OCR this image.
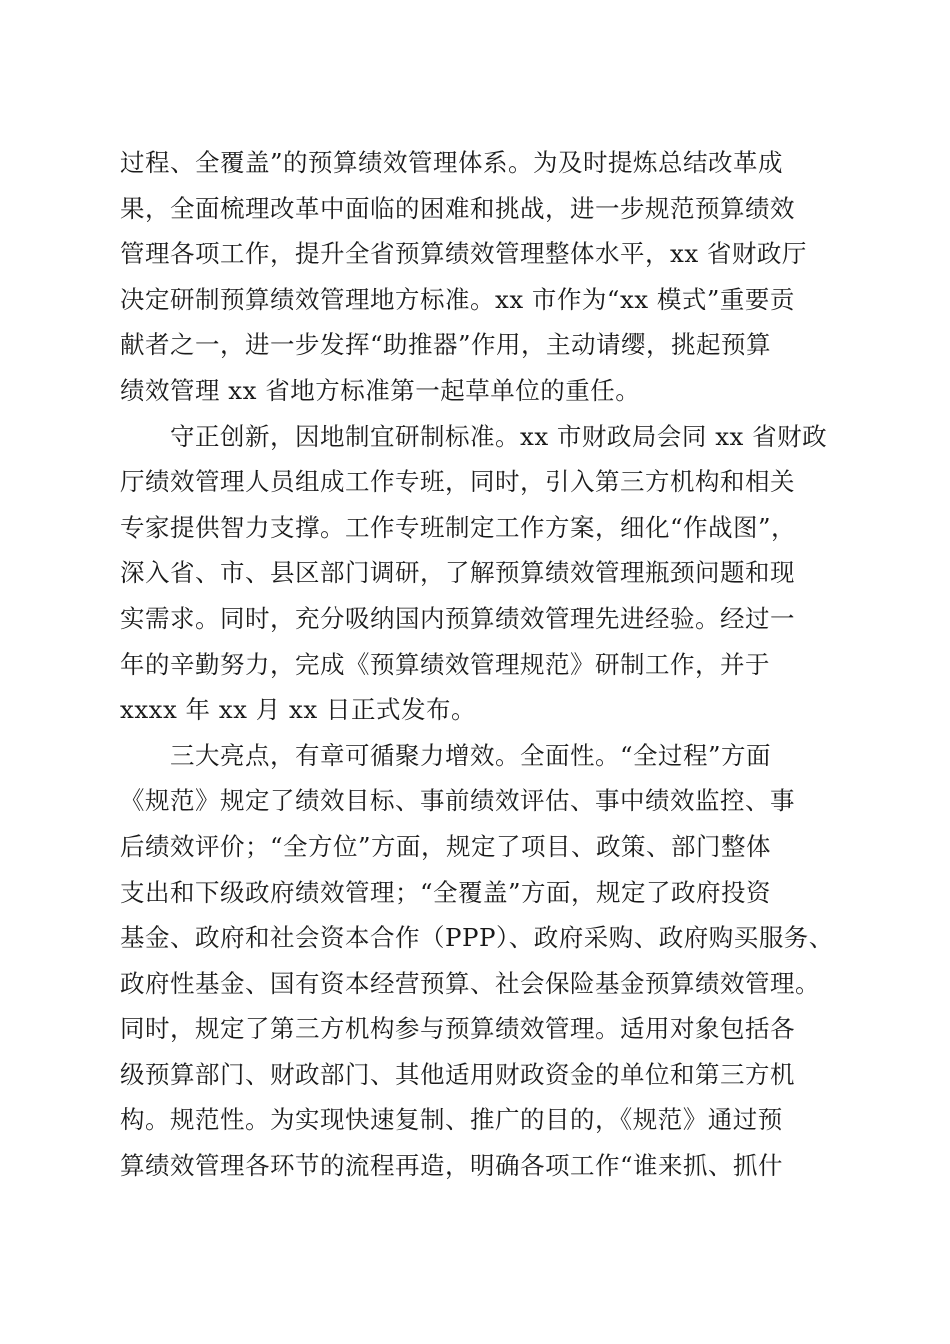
过程、全覆盖”的预算绩效管理体系。为及时提炼总结改革成
果，全面梳理改革中面临的困难和挑战，进一步规范预算绩效
管理各项工作，提升全省预算绩效管理整体水平，xx 省财政厅
决定研制预算绩效管理地方标准。xx 市作为“xx 模式”重要贡
献者之一，进一步发挥“助推器”作用，主动请缨，挑起预算
绩效管理 xx 省地方标准第一起草单位的重任。
守正创新，因地制宜研制标准。xx 市财政局会同 xx 省财政
厅绩效管理人员组成工作专班，同时，引入第三方机构和相关
专家提供智力支撑。工作专班制定工作方案，细化“作战图”，
深入省、市、县区部门调研，了解预算绩效管理瓶颈问题和现
实需求。同时，充分吸纳国内预算绩效管理先进经验。经过一
年的辛勤努力，完成《预算绩效管理规范》研制工作，并于
xxxx 年 xx 月 xx 日正式发布。
三大亮点，有章可循聚力增效。全面性。“全过程”方面
《规范》规定了绩效目标、事前绩效评估、事中绩效监控、事
后绩效评价；“全方位”方面，规定了项目、政策、部门整体
支出和下级政府绩效管理；“全覆盖”方面，规定了政府投资
基金、政府和社会资本合作（PPP）、政府采购、政府购买服务、
政府性基金、国有资本经营预算、社会保险基金预算绩效管理。
同时，规定了第三方机构参与预算绩效管理。适用对象包括各
级预算部门、财政部门、其他适用财政资金的单位和第三方机
构。规范性。为实现快速复制、推广的目的，《规范》通过预
算绩效管理各环节的流程再造，明确各项工作“谁来抓、抓什
